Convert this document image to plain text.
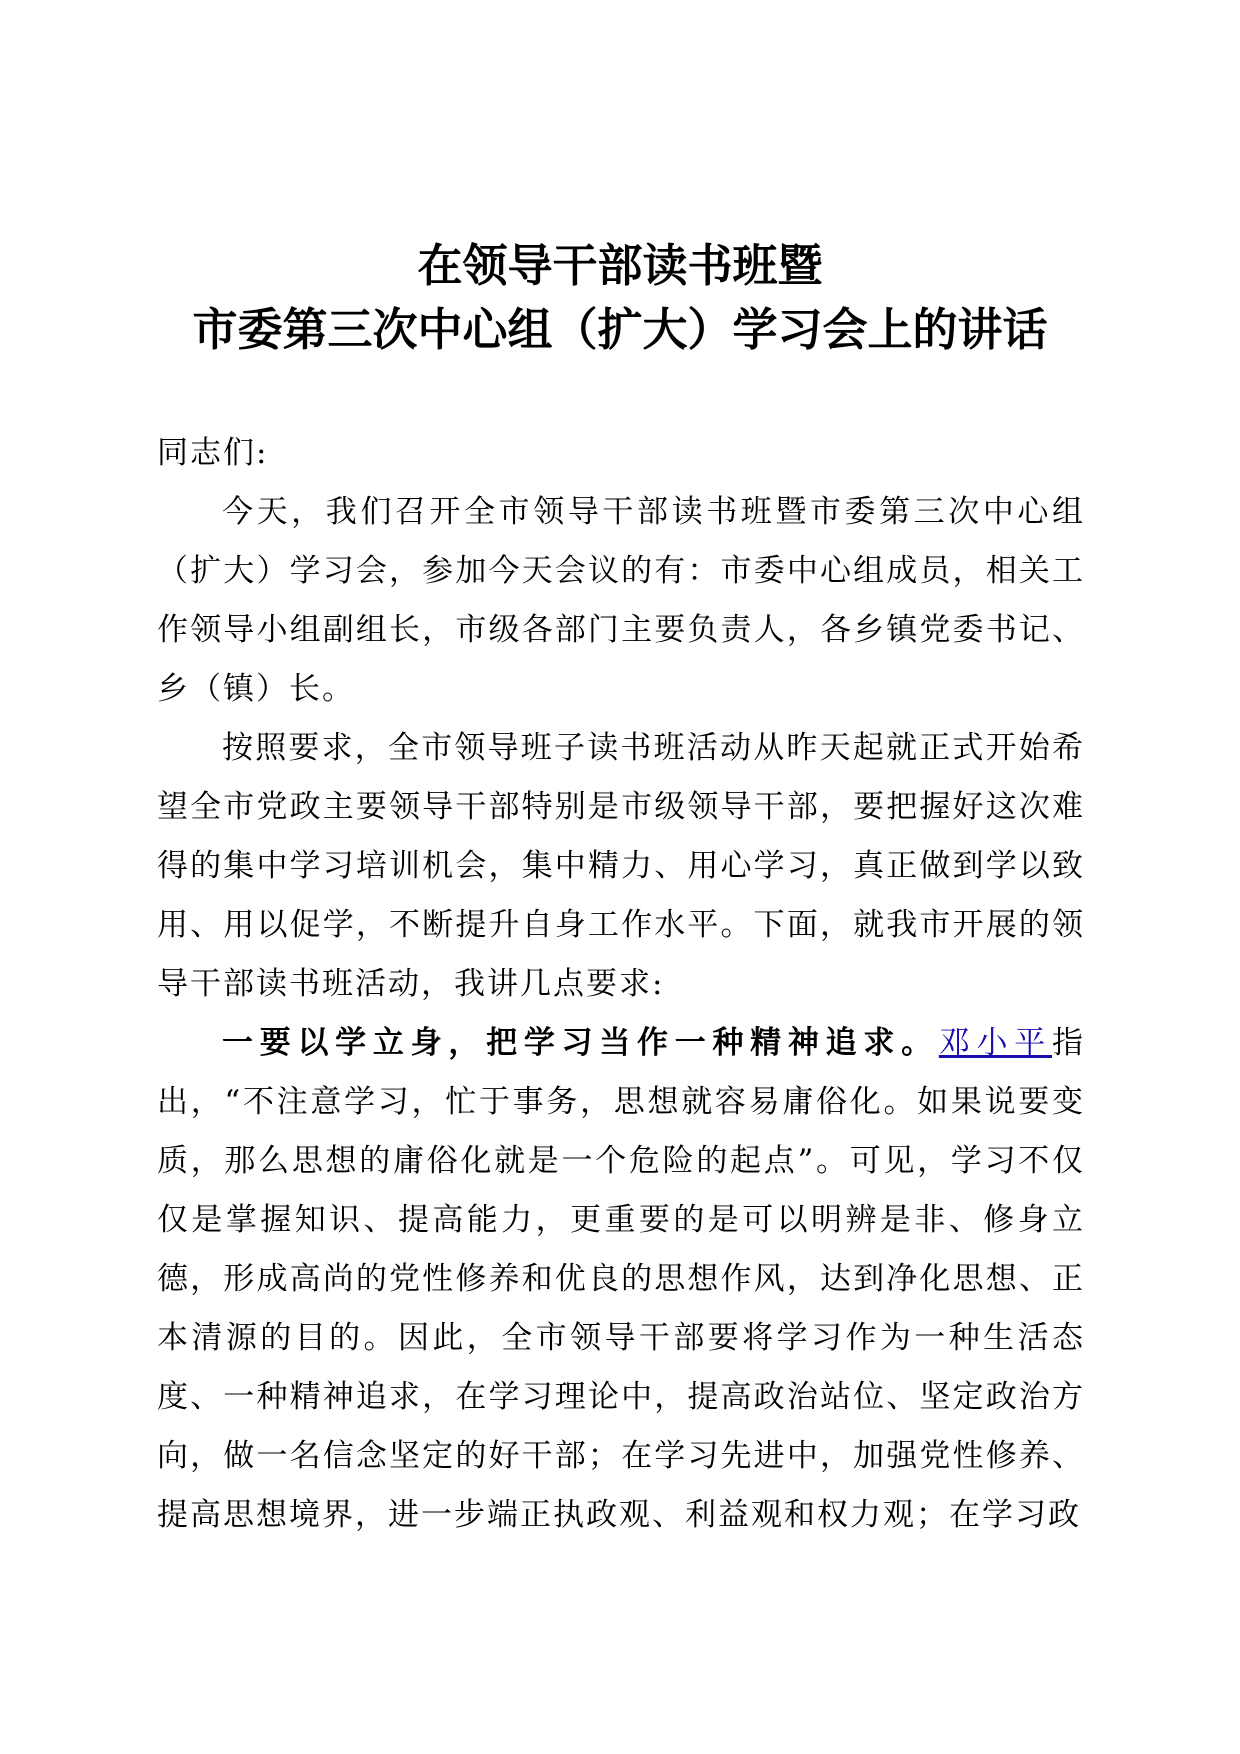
在领导干部读书班暨
市委第三次中心组（扩大）学习会上的讲话

同志们:

今天，我们召开全市领导干部读书班暨市委第三次中心组（扩大）学习会，参加今天会议的有：市委中心组成员，相关工作领导小组副组长，市级各部门主要负责人，各乡镇党委书记、乡（镇）长。

按照要求，全市领导班子读书班活动从昨天起就正式开始希望全市党政主要领导干部特别是市级领导干部，要把握好这次难得的集中学习培训机会，集中精力、用心学习，真正做到学以致用、用以促学，不断提升自身工作水平。下面，就我市开展的领导干部读书班活动，我讲几点要求:

一要以学立身，把学习当作一种精神追求。邓小平指出，“不注意学习，忙于事务，思想就容易庸俗化。如果说要变质，那么思想的庸俗化就是一个危险的起点”。可见，学习不仅仅是掌握知识、提高能力，更重要的是可以明辨是非、修身立德，形成高尚的党性修养和优良的思想作风，达到净化思想、正本清源的目的。因此，全市领导干部要将学习作为一种生活态度、一种精神追求，在学习理论中，提高政治站位、坚定政治方向，做一名信念坚定的好干部；在学习先进中，加强党性修养、提高思想境界，进一步端正执政观、利益观和权力观；在学习政
